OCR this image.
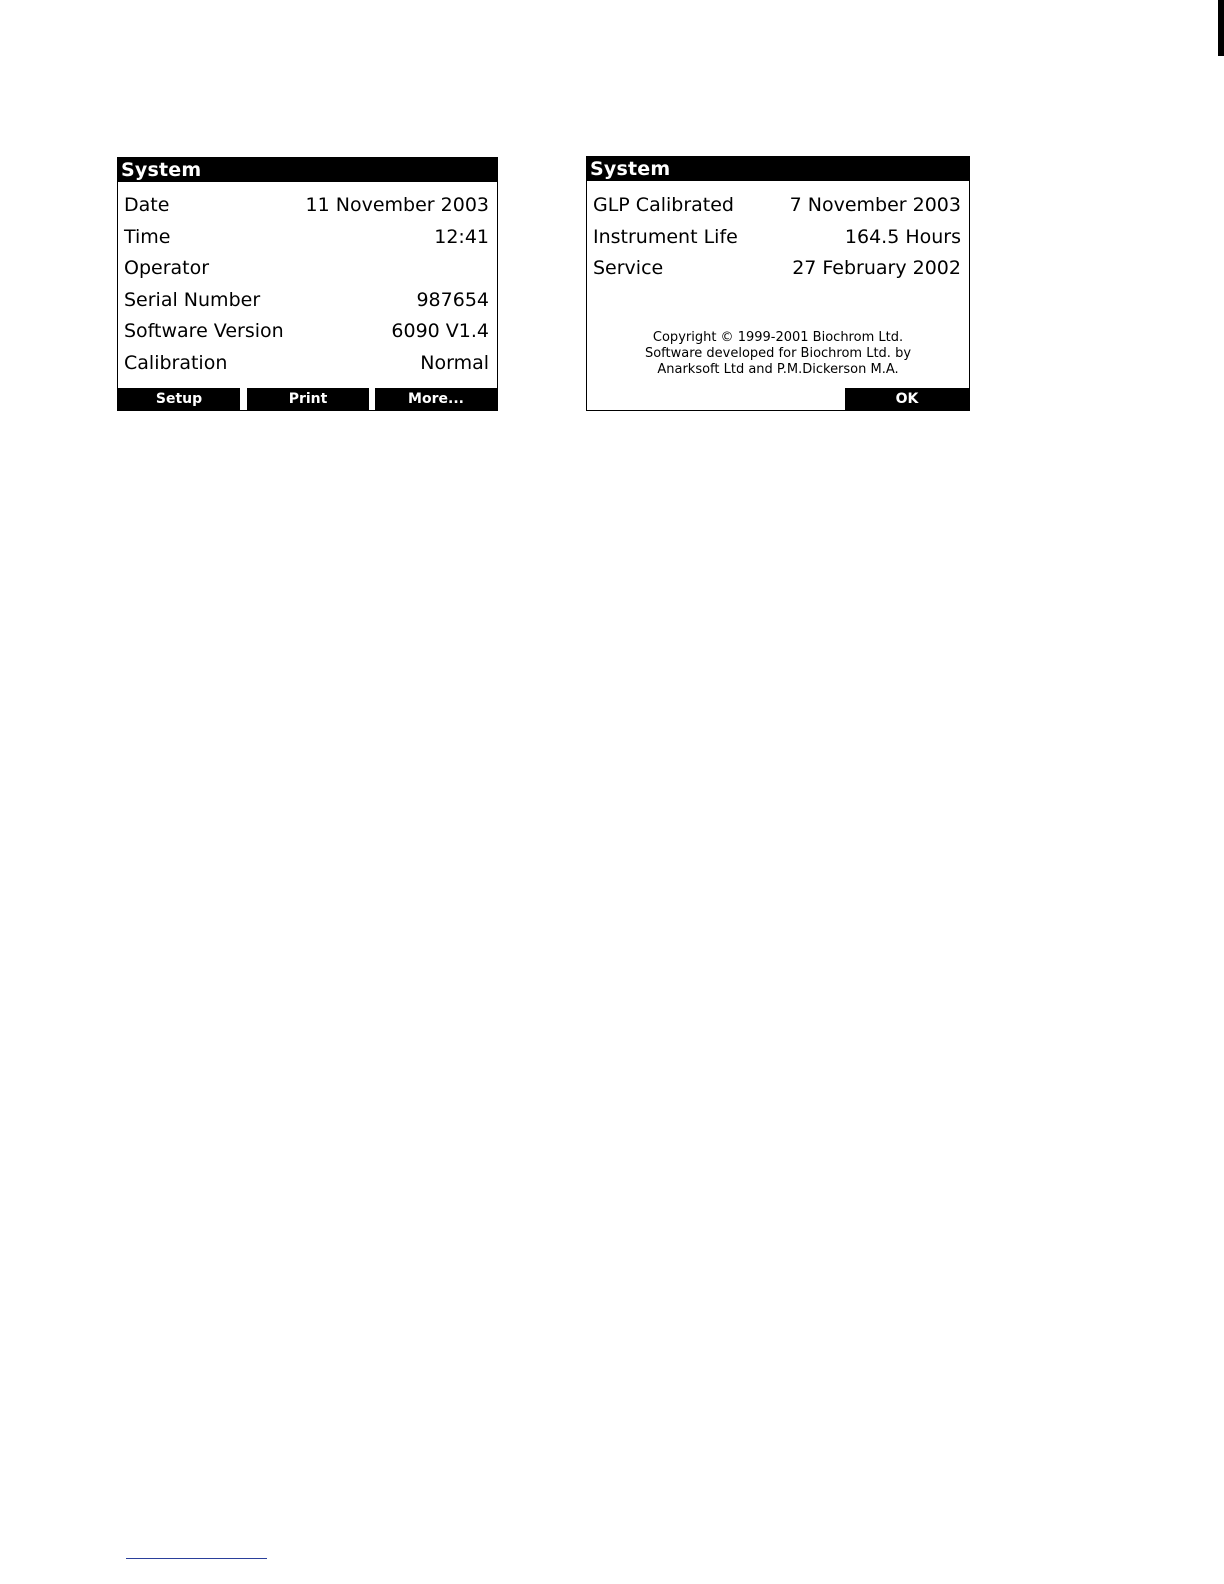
System
Date	11 November 2003
Time	12:41
Operator
Serial Number	987654
Software Version	6090 V1.4
Calibration	Normal
Setup	Print	More...
System
GLP Calibrated	7 November 2003
Instrument Life	164.5 Hours
Service	27 February 2002
Copyright © 1999-2001 Biochrom Ltd.
Software developed for Biochrom Ltd. by
Anarksoft Ltd and P.M.Dickerson M.A.
OK
